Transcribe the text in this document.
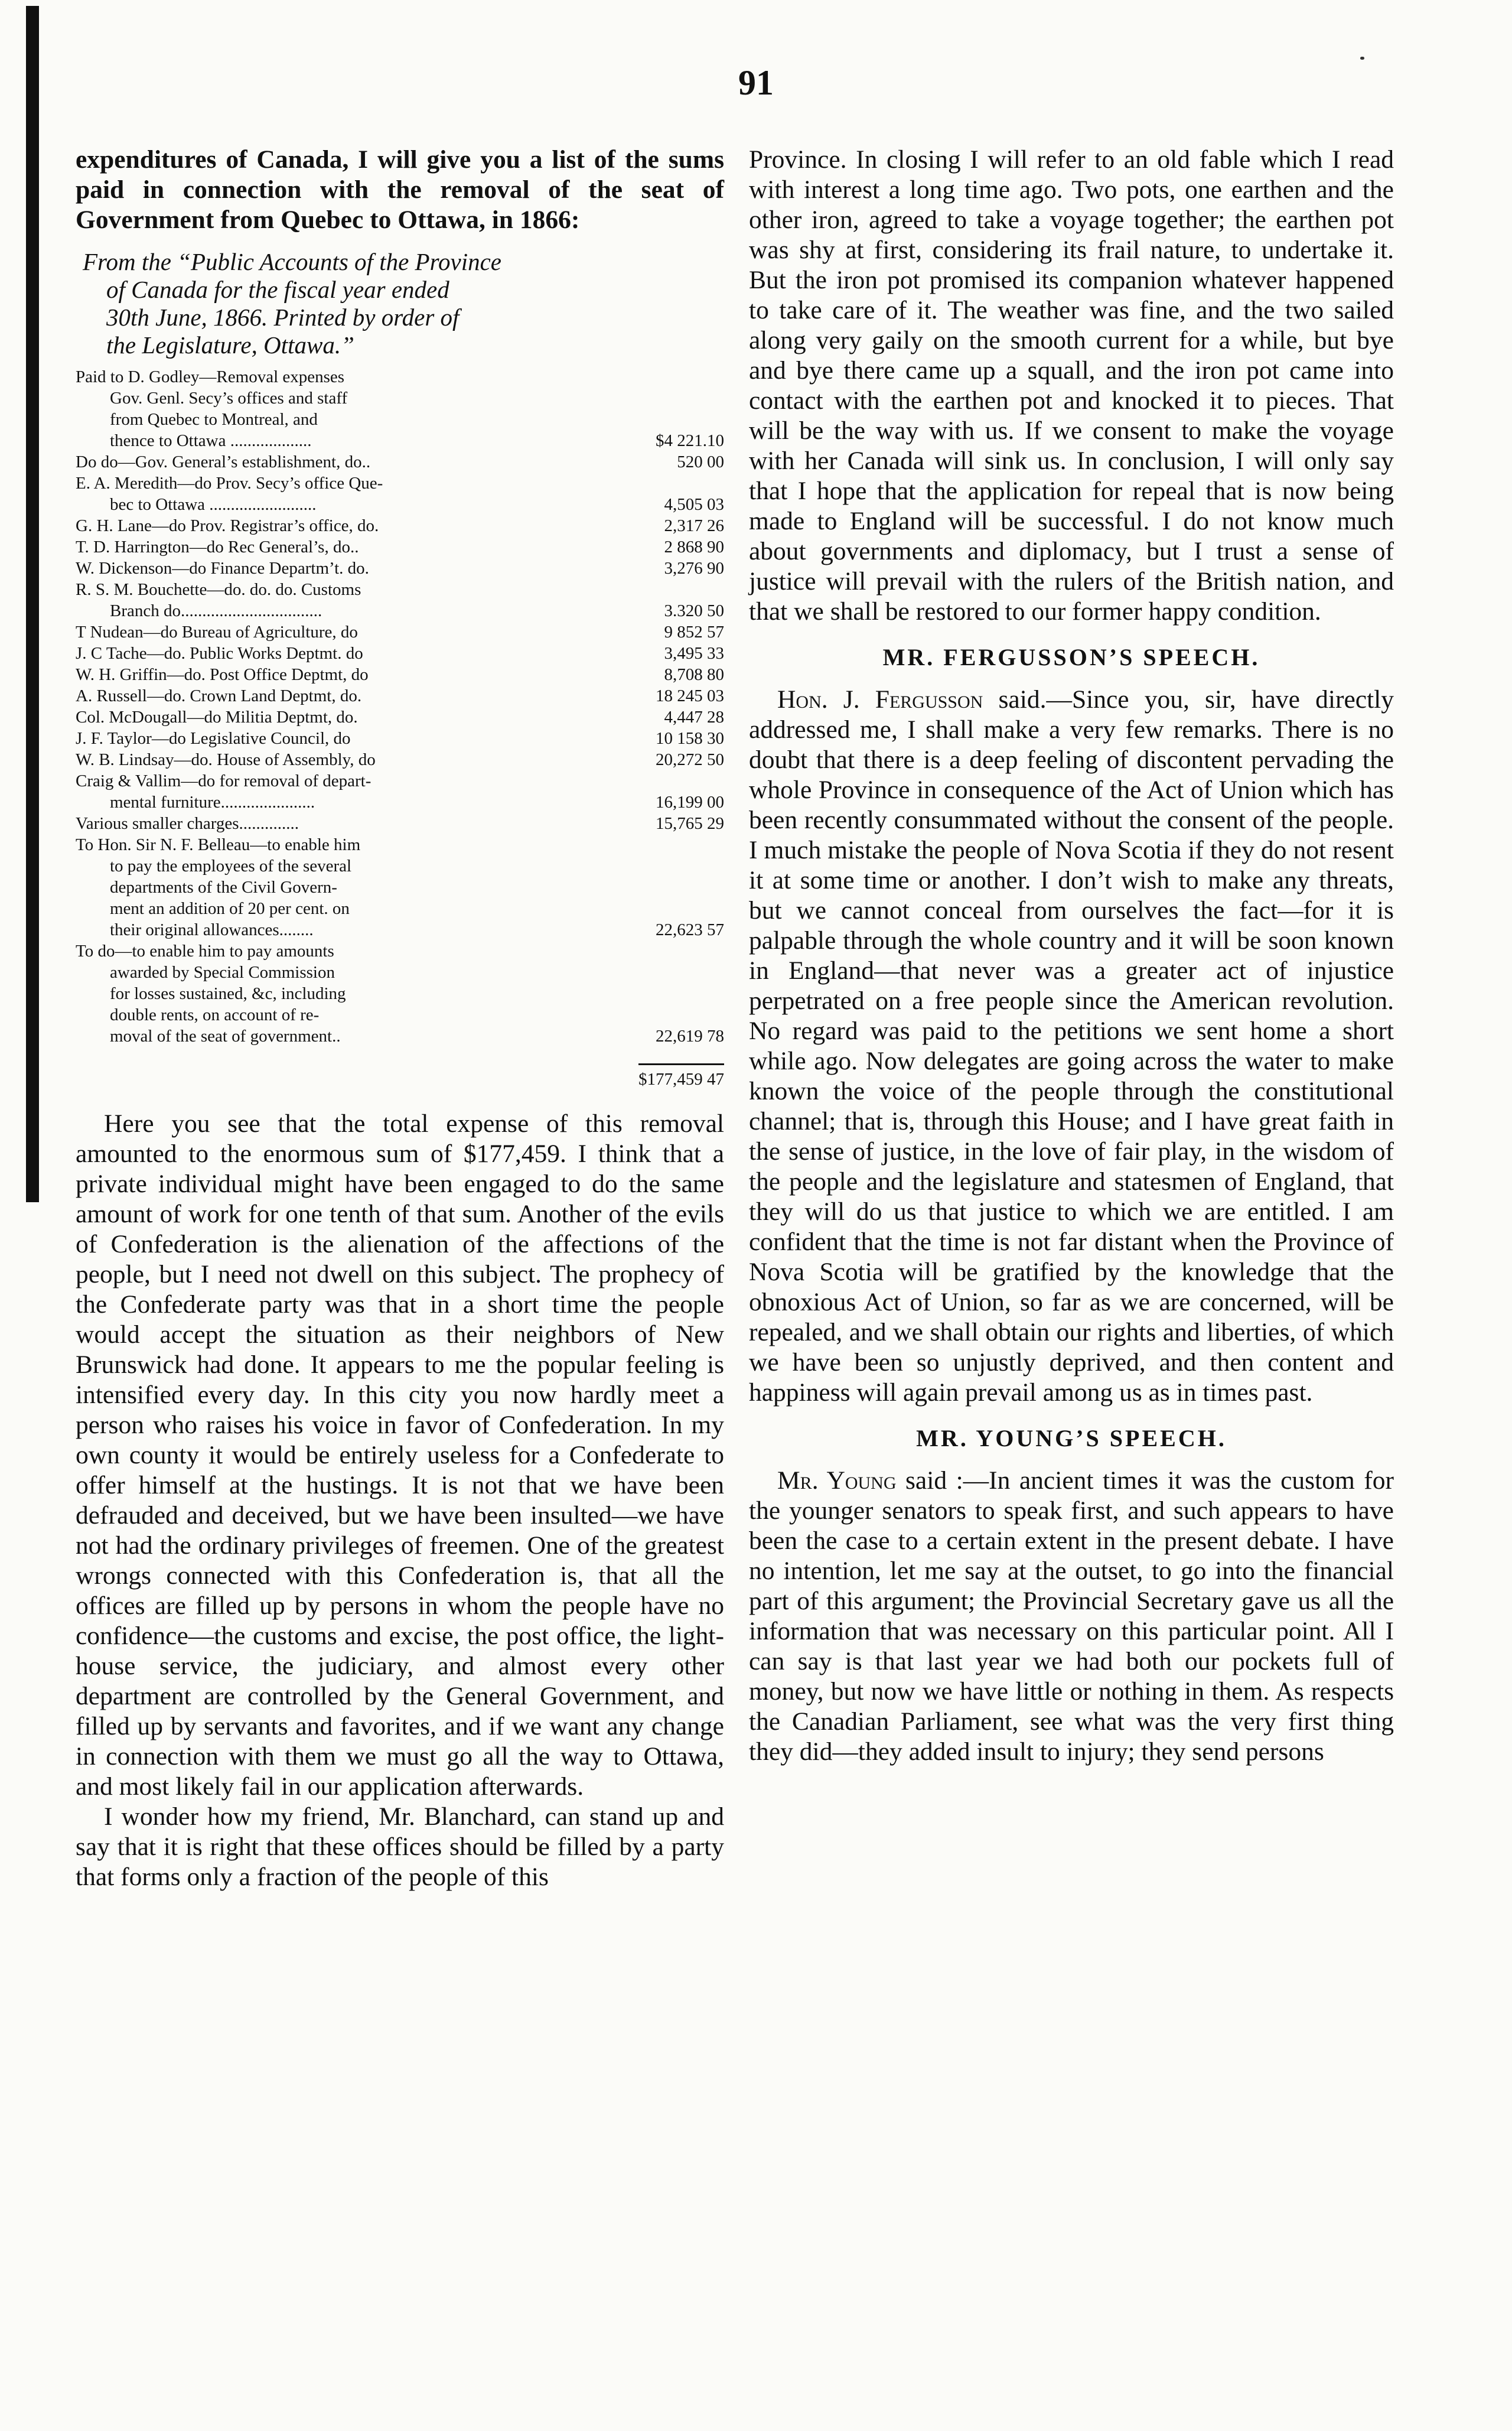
91

expenditures of Canada, I will give you a list of the sums paid in connection with the removal of the seat of Government from Quebec to Ottawa, in 1866:

From the “Public Accounts of the Province
of Canada for the fiscal year ended
30th June, 1866. Printed by order of
the Legislature, Ottawa.”
Paid to D. Godley—Removal expenses
Gov. Genl. Secy’s offices and staff
from Quebec to Montreal, and
thence to Ottawa ...................	$4 221.10

Do do—Gov. General’s establishment, do..	520 00

E. A. Meredith—do Prov. Secy’s office Que-
bec to Ottawa .........................	4,505 03

G. H. Lane—do Prov. Registrar’s office, do.	2,317 26

T. D. Harrington—do Rec General’s, do..	2 868 90

W. Dickenson—do Finance Departm’t. do.	3,276 90

R. S. M. Bouchette—do. do. do. Customs
Branch do.................................	3.320 50

T Nudean—do Bureau of Agriculture, do	9 852 57

J. C Tache—do. Public Works Deptmt. do	3,495 33

W. H. Griffin—do. Post Office Deptmt, do	8,708 80

A. Russell—do. Crown Land Deptmt, do.	18 245 03

Col. McDougall—do Militia Deptmt, do.	4,447 28

J. F. Taylor—do Legislative Council, do	10 158 30

W. B. Lindsay—do. House of Assembly, do	20,272 50

Craig & Vallim—do for removal of depart-
mental furniture......................	16,199 00

Various smaller charges..............	15,765 29

To Hon. Sir N. F. Belleau—to enable him
to pay the employees of the several
departments of the Civil Govern-
ment an addition of 20 per cent. on
their original allowances........	22,623 57

To do—to enable him to pay amounts
awarded by Special Commission
for losses sustained, &c, including
double rents, on account of re-
moval of the seat of government..	22,619 78
	$177,459 47

Here you see that the total expense of this removal amounted to the enormous sum of $177,459. I think that a private individual might have been engaged to do the same amount of work for one tenth of that sum. Another of the evils of Confederation is the alienation of the affections of the people, but I need not dwell on this subject. The prophecy of the Confederate party was that in a short time the people would accept the situation as their neighbors of New Brunswick had done. It appears to me the popular feeling is intensified every day. In this city you now hardly meet a person who raises his voice in favor of Confederation. In my own county it would be entirely useless for a Confederate to offer himself at the hustings. It is not that we have been defrauded and deceived, but we have been insulted—we have not had the ordinary privileges of freemen. One of the greatest wrongs connected with this Confederation is, that all the offices are filled up by persons in whom the people have no confidence—the customs and excise, the post office, the light-house service, the judiciary, and almost every other department are controlled by the General Government, and filled up by servants and favorites, and if we want any change in connection with them we must go all the way to Ottawa, and most likely fail in our application afterwards.

I wonder how my friend, Mr. Blanchard, can stand up and say that it is right that these offices should be filled by a party that forms only a fraction of the people of this

Province. In closing I will refer to an old fable which I read with interest a long time ago. Two pots, one earthen and the other iron, agreed to take a voyage together; the earthen pot was shy at first, considering its frail nature, to undertake it. But the iron pot promised its companion whatever happened to take care of it. The weather was fine, and the two sailed along very gaily on the smooth current for a while, but bye and bye there came up a squall, and the iron pot came into contact with the earthen pot and knocked it to pieces. That will be the way with us. If we consent to make the voyage with her Canada will sink us. In conclusion, I will only say that I hope that the application for repeal that is now being made to England will be successful. I do not know much about governments and diplomacy, but I trust a sense of justice will prevail with the rulers of the British nation, and that we shall be restored to our former happy condition.

MR. FERGUSSON’S SPEECH.

Hon. J. Fergusson said.—Since you, sir, have directly addressed me, I shall make a very few remarks. There is no doubt that there is a deep feeling of discontent pervading the whole Province in consequence of the Act of Union which has been recently consummated without the consent of the people. I much mistake the people of Nova Scotia if they do not resent it at some time or another. I don’t wish to make any threats, but we cannot conceal from ourselves the fact—for it is palpable through the whole country and it will be soon known in England—that never was a greater act of injustice perpetrated on a free people since the American revolution. No regard was paid to the petitions we sent home a short while ago. Now delegates are going across the water to make known the voice of the people through the constitutional channel; that is, through this House; and I have great faith in the sense of justice, in the love of fair play, in the wisdom of the people and the legislature and statesmen of England, that they will do us that justice to which we are entitled. I am confident that the time is not far distant when the Province of Nova Scotia will be gratified by the knowledge that the obnoxious Act of Union, so far as we are concerned, will be repealed, and we shall obtain our rights and liberties, of which we have been so unjustly deprived, and then content and happiness will again prevail among us as in times past.

MR. YOUNG’S SPEECH.

Mr. Young said :—In ancient times it was the custom for the younger senators to speak first, and such appears to have been the case to a certain extent in the present debate. I have no intention, let me say at the outset, to go into the financial part of this argument; the Provincial Secretary gave us all the information that was necessary on this particular point. All I can say is that last year we had both our pockets full of money, but now we have little or nothing in them. As respects the Canadian Parliament, see what was the very first thing they did—they added insult to injury; they send persons
